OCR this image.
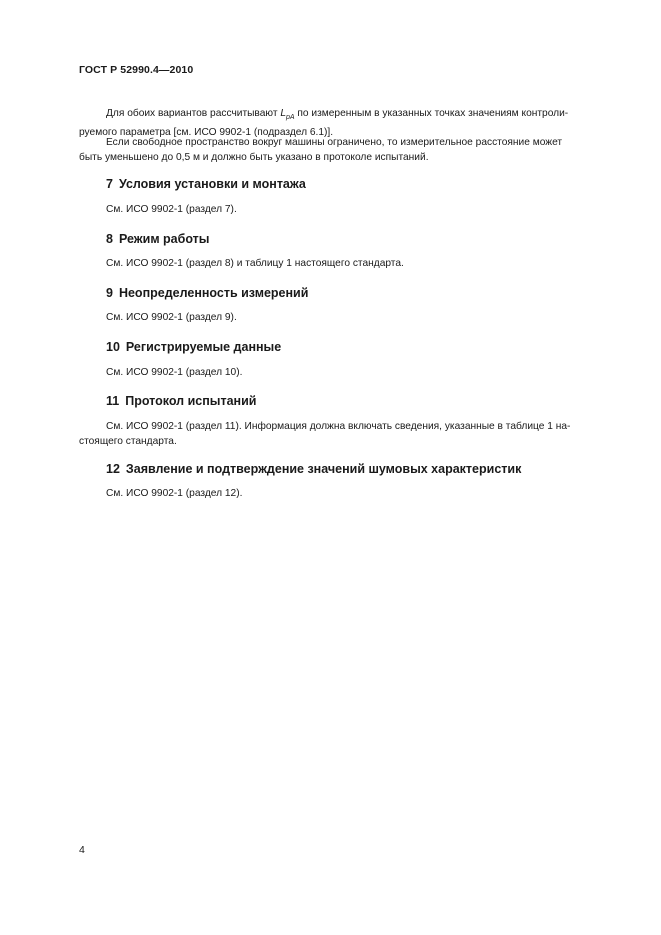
ГОСТ Р 52990.4—2010
Для обоих вариантов рассчитывают $L_{pA}$ по измеренным в указанных точках значениям контроли-
руемого параметра [см. ИСО 9902-1 (подраздел 6.1)].
Если свободное пространство вокруг машины ограничено, то измерительное расстояние может
быть уменьшено до 0,5 м и должно быть указано в протоколе испытаний.
7 Условия установки и монтажа
См. ИСО 9902-1 (раздел 7).
8 Режим работы
См. ИСО 9902-1 (раздел 8) и таблицу 1 настоящего стандарта.
9 Неопределенность измерений
См. ИСО 9902-1 (раздел 9).
10 Регистрируемые данные
См. ИСО 9902-1 (раздел 10).
11 Протокол испытаний
См. ИСО 9902-1 (раздел 11). Информация должна включать сведения, указанные в таблице 1 на-
стоящего стандарта.
12 Заявление и подтверждение значений шумовых характеристик
См. ИСО 9902-1 (раздел 12).
4
